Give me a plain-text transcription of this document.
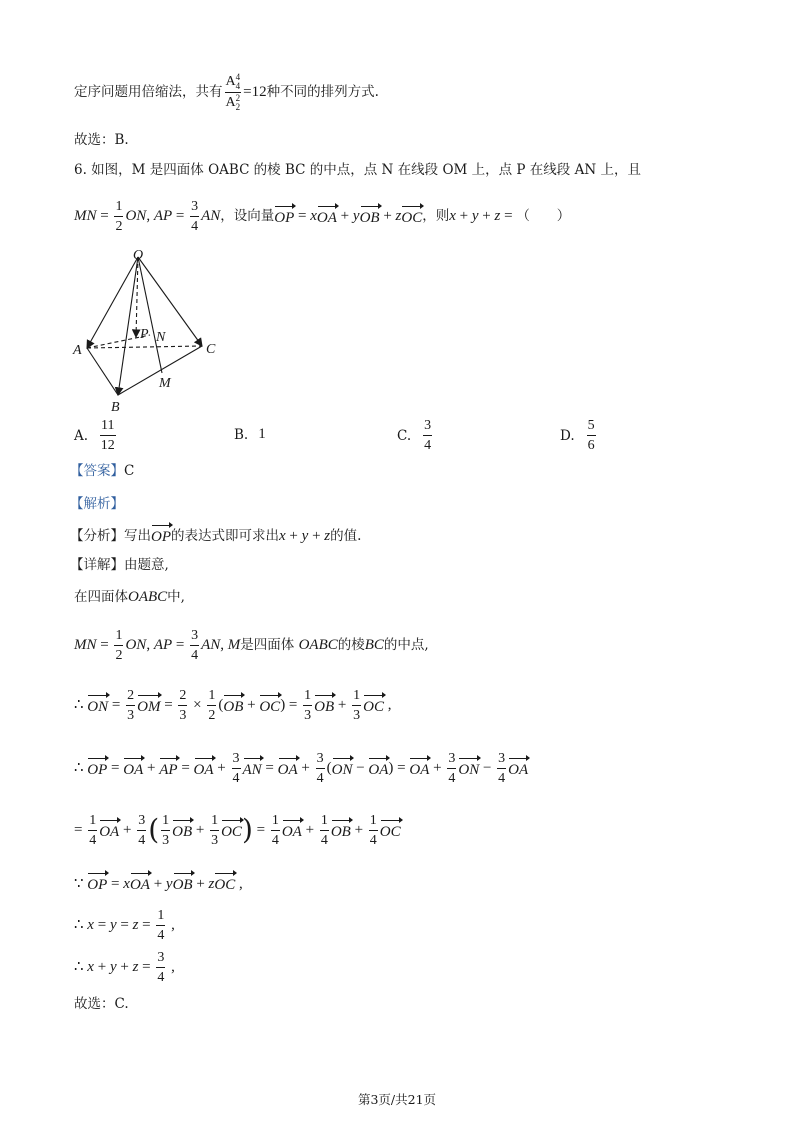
定序问题用倍缩法，共有 A 4
4
A 2
2 =12 种不同的排列方式.
故选：B.
6. 如图，M 是四面体 OABC 的棱 BC 的中点，点 N 在线段 OM 上，点 P 在线段 AN 上，且
MN = $\frac{1}{2}$ ON , AP = $\frac{3}{4}$ AN ，设向量 OP = x OA + y OB + z OC ，则 x + y + z = （　　）
O
A
B
C
M
N
P
A. $\frac{11}{12}$	B. 1	C. $\frac{3}{4}$	D. $\frac{5}{6}$
【答案】C
【解析】
【分析】 写出 OP 的表达式即可求出 x + y + z 的值.
【详解】由题意,
在四面体OABC中,
MN = $\frac{1}{2}$ ON , AP = $\frac{3}{4}$ AN , M 是四面体
OABC 的棱 BC 的中点,
∴ ON = $\frac{2}{3}$ OM = $\frac{2}{3} \times \frac{1}{2}$ ( OB + OC ) = $\frac{1}{3}$ OB + $\frac{1}{3}$ OC ,
∴ OP = OA + AP = OA + $\frac{3}{4}$ AN = OA + $\frac{3}{4}$ ( ON − OA ) = OA + $\frac{3}{4}$ ON − $\frac{3}{4}$ OA
= $\frac{1}{4}$ OA + $\frac{3}{4}$ ( $\frac{1}{3}$ OB + $\frac{1}{3}$ OC ) = $\frac{1}{4}$ OA + $\frac{1}{4}$ OB + $\frac{1}{4}$ OC
∵ OP = x OA + y OB + z OC ,
∴ $x = y = z = \frac{1}{4}$ ,
∴ $x + y + z = \frac{3}{4}$ ,
故选：C.
第3页/共21页
